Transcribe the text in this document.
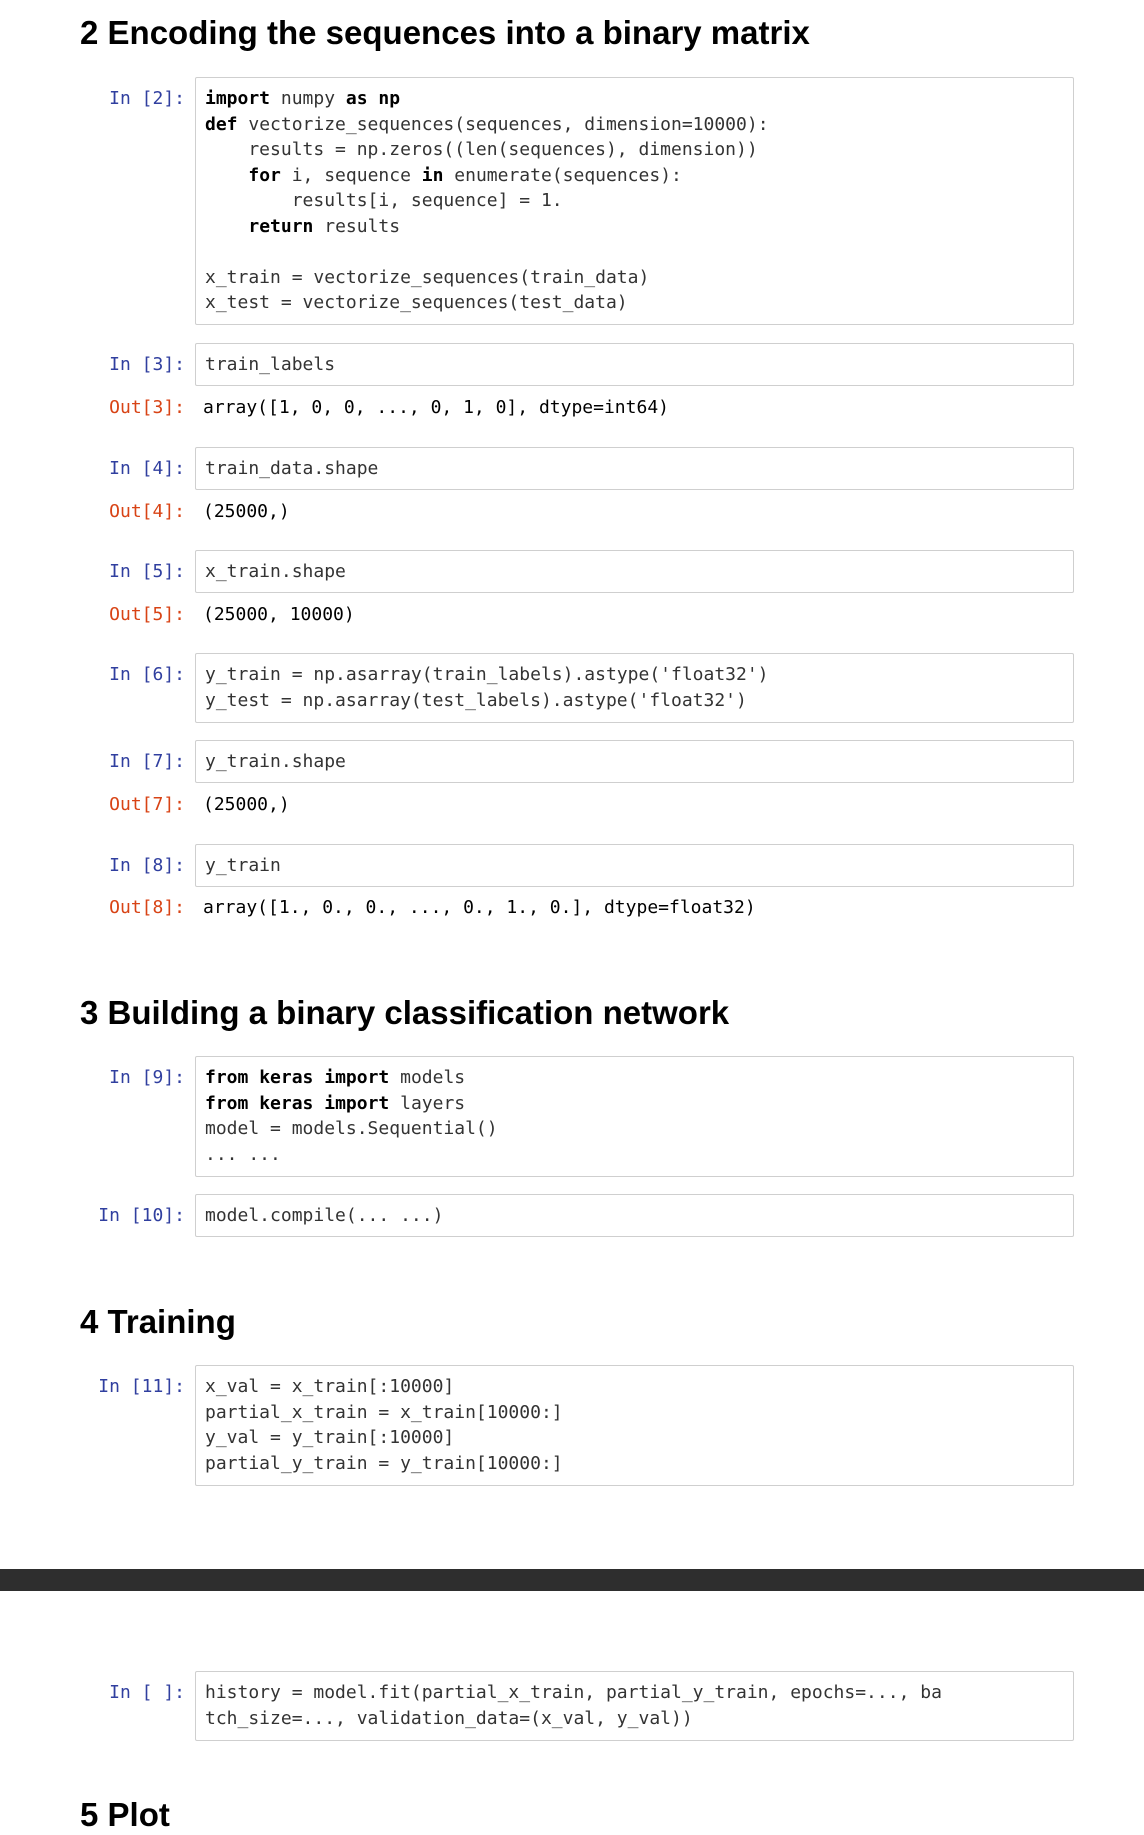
2 Encoding the sequences into a binary matrix
In [2]: import numpy as np
def vectorize_sequences(sequences, dimension=10000):
results = np.zeros((len(sequences), dimension))
for i, sequence in enumerate(sequences):
results[i, sequence] = 1.
return results

x_train = vectorize_sequences(train_data)
x_test = vectorize_sequences(test_data)
In [3]: train_labels
Out[3]: array([1, 0, 0, ..., 0, 1, 0], dtype=int64)
In [4]: train_data.shape
Out[4]: (25000,)
In [5]: x_train.shape
Out[5]: (25000, 10000)
In [6]: y_train = np.asarray(train_labels).astype('float32')
y_test = np.asarray(test_labels).astype('float32')
In [7]: y_train.shape
Out[7]: (25000,)
In [8]: y_train
Out[8]: array([1., 0., 0., ..., 0., 1., 0.], dtype=float32)
3 Building a binary classification network
In [9]: from keras import models
from keras import layers
model = models.Sequential()
... ...
In [10]: model.compile(... ...)
4 Training
In [11]: x_val = x_train[:10000]
partial_x_train = x_train[10000:]
y_val = y_train[:10000]
partial_y_train = y_train[10000:]
In [ ]: history = model.fit(partial_x_train, partial_y_train, epochs=..., ba
tch_size=..., validation_data=(x_val, y_val))
5 Plot
